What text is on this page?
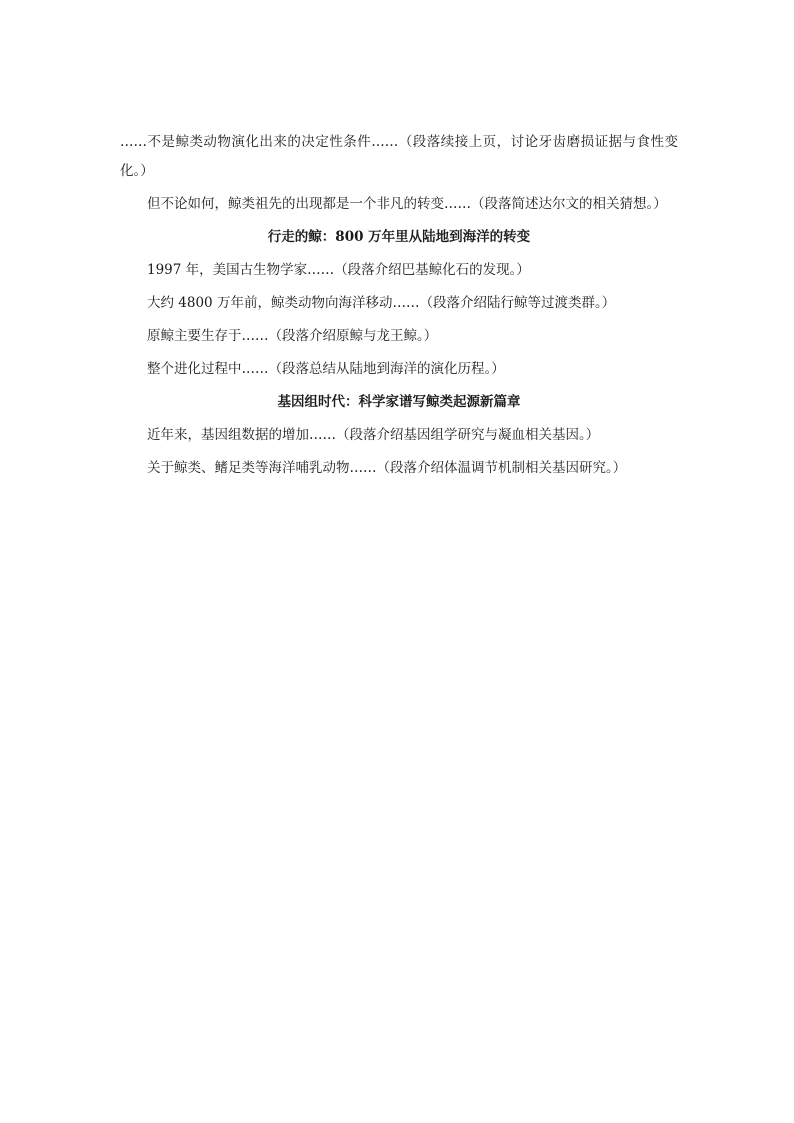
……不是鲸类动物演化出来的决定性条件……（段落续接上页，讨论牙齿磨损证据与食性变化。）

但不论如何，鲸类祖先的出现都是一个非凡的转变……（段落简述达尔文的相关猜想。）

行走的鲸：800 万年里从陆地到海洋的转变

1997 年，美国古生物学家……（段落介绍巴基鲸化石的发现。）

大约 4800 万年前，鲸类动物向海洋移动……（段落介绍陆行鲸等过渡类群。）

原鲸主要生存于……（段落介绍原鲸与龙王鲸。）

整个进化过程中……（段落总结从陆地到海洋的演化历程。）

基因组时代：科学家谱写鲸类起源新篇章

近年来，基因组数据的增加……（段落介绍基因组学研究与凝血相关基因。）

关于鲸类、鳍足类等海洋哺乳动物……（段落介绍体温调节机制相关基因研究。）
